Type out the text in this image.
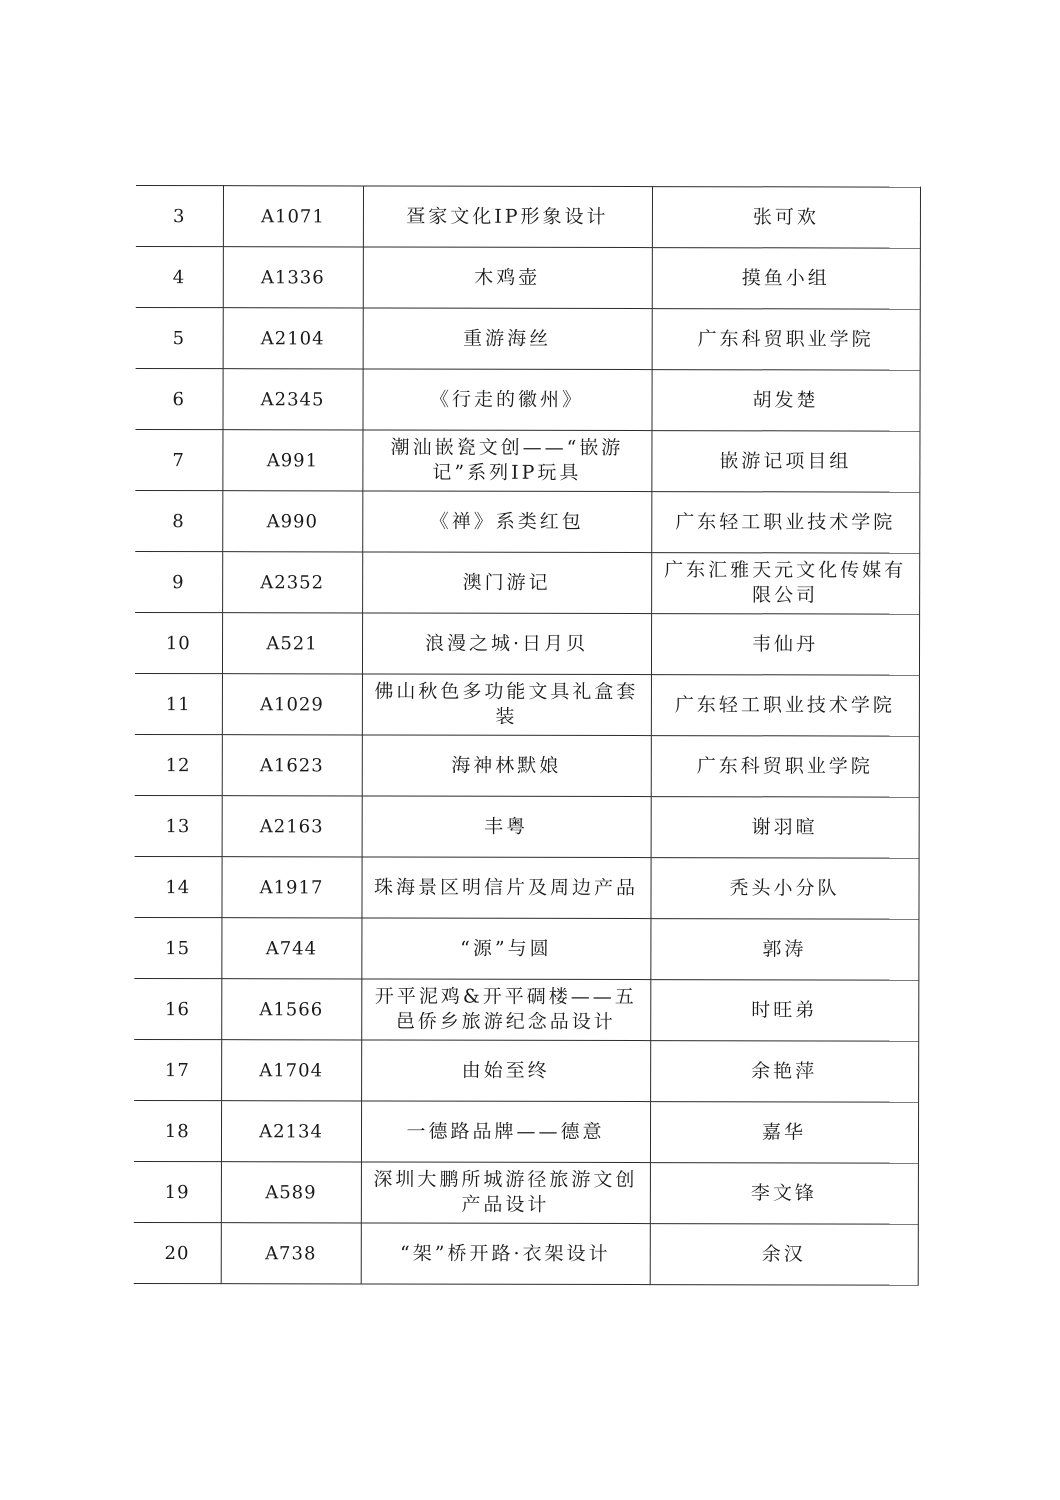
3	A1071	疍家文化IP形象设计	张可欢
4	A1336	木鸡壶	摸鱼小组
5	A2104	重游海丝	广东科贸职业学院
6	A2345	《行走的徽州》	胡发楚
7	A991	潮汕嵌瓷文创——“嵌游记”系列IP玩具	嵌游记项目组
8	A990	《禅》系类红包	广东轻工职业技术学院
9	A2352	澳门游记	广东汇雅天元文化传媒有限公司
10	A521	浪漫之城·日月贝	韦仙丹
11	A1029	佛山秋色多功能文具礼盒套装	广东轻工职业技术学院
12	A1623	海神林默娘	广东科贸职业学院
13	A2163	丰粤	谢羽暄
14	A1917	珠海景区明信片及周边产品	秃头小分队
15	A744	“源”与圆	郭涛
16	A1566	开平泥鸡&开平碉楼——五邑侨乡旅游纪念品设计	时旺弟
17	A1704	由始至终	余艳萍
18	A2134	一德路品牌——德意	嘉华
19	A589	深圳大鹏所城游径旅游文创产品设计	李文锋
20	A738	“架”桥开路·衣架设计	余汉
